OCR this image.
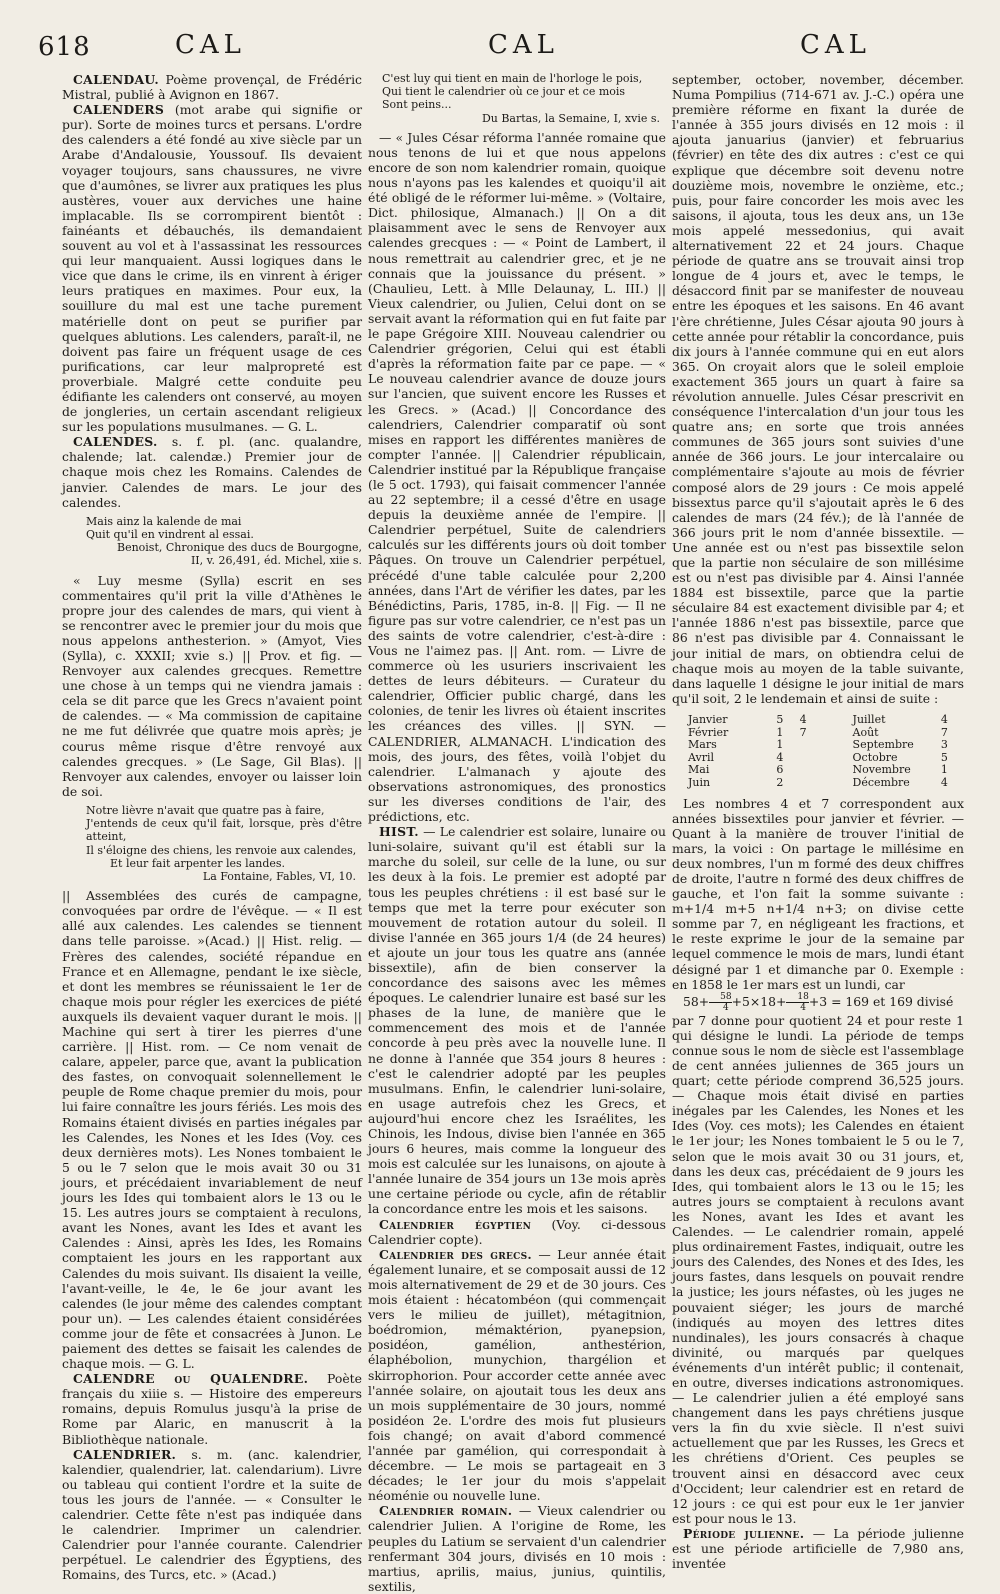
618	CAL	CAL	CAL

CALENDAU. Poème provençal, de Frédéric Mistral, publié à Avignon en 1867.

CALENDERS (mot arabe qui signifie or pur). Sorte de moines turcs et persans. L'ordre des calenders a été fondé au xive siècle par un Arabe d'Andalousie, Youssouf. Ils devaient voyager toujours, sans chaussures, ne vivre que d'aumônes, se livrer aux pratiques les plus austères, vouer aux derviches une haine implacable. Ils se corrompirent bientôt : fainéants et débauchés, ils demandaient souvent au vol et à l'assassinat les ressources qui leur manquaient. Aussi logiques dans le vice que dans le crime, ils en vinrent à ériger leurs pratiques en maximes. Pour eux, la souillure du mal est une tache purement matérielle dont on peut se purifier par quelques ablutions. Les calenders, paraît-il, ne doivent pas faire un fréquent usage de ces purifications, car leur malpropreté est proverbiale. Malgré cette conduite peu édifiante les calenders ont conservé, au moyen de jongleries, un certain ascendant religieux sur les populations musulmanes. — G. L.

CALENDES. s. f. pl. (anc. qualandre, chalende; lat. calendæ.) Premier jour de chaque mois chez les Romains. Calendes de janvier. Calendes de mars. Le jour des calendes.

Mais ainz la kalende de mai
Quit qu'il en vindrent al essai.
Benoist, Chronique des ducs de Bourgogne,
II, v. 26,491, éd. Michel, xiie s.

« Luy mesme (Sylla) escrit en ses commentaires qu'il prit la ville d'Athènes le propre jour des calendes de mars, qui vient à se rencontrer avec le premier jour du mois que nous appelons anthesterion. » (Amyot, Vies (Sylla), c. XXXII; xvie s.) || Prov. et fig. —Renvoyer aux calendes grecques. Remettre une chose à un temps qui ne viendra jamais : cela se dit parce que les Grecs n'avaient point de calendes. — « Ma commission de capitaine ne me fut délivrée que quatre mois après; je courus même risque d'être renvoyé aux calendes grecques. » (Le Sage, Gil Blas). || Renvoyer aux calendes, envoyer ou laisser loin de soi.

Notre lièvre n'avait que quatre pas à faire,
J'entends de ceux qu'il fait, lorsque, près d'être atteint,
Il s'éloigne des chiens, les renvoie aux calendes,
Et leur fait arpenter les landes.
La Fontaine, Fables, VI, 10.

|| Assemblées des curés de campagne, convoquées par ordre de l'évêque. — « Il est allé aux calendes. Les calendes se tiennent dans telle paroisse. »(Acad.) || Hist. relig. — Frères des calendes, société répandue en France et en Allemagne, pendant le ixe siècle, et dont les membres se réunissaient le 1er de chaque mois pour régler les exercices de piété auxquels ils devaient vaquer durant le mois. || Machine qui sert à tirer les pierres d'une carrière. || Hist. rom. — Ce nom venait de calare, appeler, parce que, avant la publication des fastes, on convoquait solennellement le peuple de Rome chaque premier du mois, pour lui faire connaître les jours fériés. Les mois des Romains étaient divisés en parties inégales par les Calendes, les Nones et les Ides (Voy. ces deux dernières mots). Les Nones tombaient le 5 ou le 7 selon que le mois avait 30 ou 31 jours, et précédaient invariablement de neuf jours les Ides qui tombaient alors le 13 ou le 15. Les autres jours se comptaient à reculons, avant les Nones, avant les Ides et avant les Calendes : Ainsi, après les Ides, les Romains comptaient les jours en les rapportant aux Calendes du mois suivant. Ils disaient la veille, l'avant-veille, le 4e, le 6e jour avant les calendes (le jour même des calendes comptant pour un). — Les calendes étaient considérées comme jour de fête et consacrées à Junon. Le paiement des dettes se faisait les calendes de chaque mois. — G. L.

CALENDRE ou QUALENDRE. Poète français du xiiie s. — Histoire des empereurs romains, depuis Romulus jusqu'à la prise de Rome par Alaric, en manuscrit à la Bibliothèque nationale.

CALENDRIER. s. m. (anc. kalendrier, kalendier, qualendrier, lat. calendarium). Livre ou tableau qui contient l'ordre et la suite de tous les jours de l'année. — « Consulter le calendrier. Cette fête n'est pas indiquée dans le calendrier. Imprimer un calendrier. Calendrier pour l'année courante. Calendrier perpétuel. Le calendrier des Égyptiens, des Romains, des Turcs, etc. » (Acad.)

C'est luy qui tient en main de l'horloge le pois,
Qui tient le calendrier où ce jour et ce mois
Sont peins...
Du Bartas, la Semaine, I, xvie s.

— « Jules César réforma l'année romaine que nous tenons de lui et que nous appelons encore de son nom kalendrier romain, quoique nous n'ayons pas les kalendes et quoiqu'il ait été obligé de le réformer lui-même. » (Voltaire, Dict. philosique, Almanach.) || On a dit plaisamment avec le sens de Renvoyer aux calendes grecques : — « Point de Lambert, il nous remettrait au calendrier grec, et je ne connais que la jouissance du présent. » (Chaulieu, Lett. à Mlle Delaunay, L. III.) || Vieux calendrier, ou Julien, Celui dont on se servait avant la réformation qui en fut faite par le pape Grégoire XIII. Nouveau calendrier ou Calendrier grégorien, Celui qui est établi d'après la réformation faite par ce pape. — « Le nouveau calendrier avance de douze jours sur l'ancien, que suivent encore les Russes et les Grecs. » (Acad.) || Concordance des calendriers, Calendrier comparatif où sont mises en rapport les différentes manières de compter l'année. || Calendrier républicain, Calendrier institué par la République française (le 5 oct. 1793), qui faisait commencer l'année au 22 septembre; il a cessé d'être en usage depuis la deuxième année de l'empire. || Calendrier perpétuel, Suite de calendriers calculés sur les différents jours où doit tomber Pâques. On trouve un Calendrier perpétuel, précédé d'une table calculée pour 2,200 années, dans l'Art de vérifier les dates, par les Bénédictins, Paris, 1785, in-8. || Fig. — Il ne figure pas sur votre calendrier, ce n'est pas un des saints de votre calendrier, c'est-à-dire : Vous ne l'aimez pas. || Ant. rom. — Livre de commerce où les usuriers inscrivaient les dettes de leurs débiteurs. — Curateur du calendrier, Officier public chargé, dans les colonies, de tenir les livres où étaient inscrites les créances des villes. || SYN. — CALENDRIER, ALMANACH. L'indication des mois, des jours, des fêtes, voilà l'objet du calendrier. L'almanach y ajoute des observations astronomiques, des pronostics sur les diverses conditions de l'air, des prédictions, etc.

HIST. — Le calendrier est solaire, lunaire ou luni-solaire, suivant qu'il est établi sur la marche du soleil, sur celle de la lune, ou sur les deux à la fois. Le premier est adopté par tous les peuples chrétiens : il est basé sur le temps que met la terre pour exécuter son mouvement de rotation autour du soleil. Il divise l'année en 365 jours 1/4 (de 24 heures) et ajoute un jour tous les quatre ans (année bissextile), afin de bien conserver la concordance des saisons avec les mêmes époques. Le calendrier lunaire est basé sur les phases de la lune, de manière que le commencement des mois et de l'année concorde à peu près avec la nouvelle lune. Il ne donne à l'année que 354 jours 8 heures : c'est le calendrier adopté par les peuples musulmans. Enfin, le calendrier luni-solaire, en usage autrefois chez les Grecs, et aujourd'hui encore chez les Israélites, les Chinois, les Indous, divise bien l'année en 365 jours 6 heures, mais comme la longueur des mois est calculée sur les lunaisons, on ajoute à l'année lunaire de 354 jours un 13e mois après une certaine période ou cycle, afin de rétablir la concordance entre les mois et les saisons.

Calendrier égyptien (Voy. ci-dessous Calendrier copte).

Calendrier des grecs. — Leur année était également lunaire, et se composait aussi de 12 mois alternativement de 29 et de 30 jours. Ces mois étaient : hécatombéon (qui commençait vers le milieu de juillet), métagitnion, boédromion, mémaktérion, pyanepsion, posidéon, gamélion, anthestérion, élaphébolion, munychion, thargélion et skirrophorion. Pour accorder cette année avec l'année solaire, on ajoutait tous les deux ans un mois supplémentaire de 30 jours, nommé posidéon 2e. L'ordre des mois fut plusieurs fois changé; on avait d'abord commencé l'année par gamélion, qui correspondait à décembre. — Le mois se partageait en 3 décades; le 1er jour du mois s'appelait néoménie ou nouvelle lune.

Calendrier romain. — Vieux calendrier ou calendrier Julien. A l'origine de Rome, les peuples du Latium se servaient d'un calendrier renfermant 304 jours, divisés en 10 mois : martius, aprilis, maius, junius, quintilis, sextilis,

september, october, november, décember. Numa Pompilius (714-671 av. J.-C.) opéra une première réforme en fixant la durée de l'année à 355 jours divisés en 12 mois : il ajouta januarius (janvier) et februarius (février) en tête des dix autres : c'est ce qui explique que décembre soit devenu notre douzième mois, novembre le onzième, etc.; puis, pour faire concorder les mois avec les saisons, il ajouta, tous les deux ans, un 13e mois appelé messedonius, qui avait alternativement 22 et 24 jours. Chaque période de quatre ans se trouvait ainsi trop longue de 4 jours et, avec le temps, le désaccord finit par se manifester de nouveau entre les époques et les saisons. En 46 avant l'ère chrétienne, Jules César ajouta 90 jours à cette année pour rétablir la concordance, puis dix jours à l'année commune qui en eut alors 365. On croyait alors que le soleil emploie exactement 365 jours un quart à faire sa révolution annuelle. Jules César prescrivit en conséquence l'intercalation d'un jour tous les quatre ans; en sorte que trois années communes de 365 jours sont suivies d'une année de 366 jours. Le jour intercalaire ou complémentaire s'ajoute au mois de février composé alors de 29 jours : Ce mois appelé bissextus parce qu'il s'ajoutait après le 6 des calendes de mars (24 fév.); de là l'année de 366 jours prit le nom d'année bissextile. — Une année est ou n'est pas bissextile selon que la partie non séculaire de son millésime est ou n'est pas divisible par 4. Ainsi l'année 1884 est bissextile, parce que la partie séculaire 84 est exactement divisible par 4; et l'année 1886 n'est pas bissextile, parce que 86 n'est pas divisible par 4. Connaissant le jour initial de mars, on obtiendra celui de chaque mois au moyen de la table suivante, dans laquelle 1 désigne le jour initial de mars qu'il soit, 2 le lendemain et ainsi de suite :

Janvier	5	4		Juillet	4
Février	1	7		Août	7
Mars	1			Septembre	3
Avril	4			Octobre	5
Mai	6			Novembre	1
Juin	2			Décembre	4

Les nombres 4 et 7 correspondent aux années bissextiles pour janvier et février. — Quant à la manière de trouver l'initial de mars, la voici : On partage le millésime en deux nombres, l'un m formé des deux chiffres de droite, l'autre n formé des deux chiffres de gauche, et l'on fait la somme suivante : m+1/4 m+5 n+1/4 n+3; on divise cette somme par 7, en négligeant les fractions, et le reste exprime le jour de la semaine par lequel commence le mois de mars, lundi étant désigné par 1 et dimanche par 0. Exemple : en 1858 le 1er mars est un lundi, car

$58+ \frac{58}{4} +5\times 18+ \frac{18}{4} +3 = 169$ et 169 divisé

par 7 donne pour quotient 24 et pour reste 1 qui désigne le lundi. La période de temps connue sous le nom de siècle est l'assemblage de cent années juliennes de 365 jours un quart; cette période comprend 36,525 jours. — Chaque mois était divisé en parties inégales par les Calendes, les Nones et les Ides (Voy. ces mots); les Calendes en étaient le 1er jour; les Nones tombaient le 5 ou le 7, selon que le mois avait 30 ou 31 jours, et, dans les deux cas, précédaient de 9 jours les Ides, qui tombaient alors le 13 ou le 15; les autres jours se comptaient à reculons avant les Nones, avant les Ides et avant les Calendes. — Le calendrier romain, appelé plus ordinairement Fastes, indiquait, outre les jours des Calendes, des Nones et des Ides, les jours fastes, dans lesquels on pouvait rendre la justice; les jours néfastes, où les juges ne pouvaient siéger; les jours de marché (indiqués au moyen des lettres dites nundinales), les jours consacrés à chaque divinité, ou marqués par quelques événements d'un intérêt public; il contenait, en outre, diverses indications astronomiques. — Le calendrier julien a été employé sans changement dans les pays chrétiens jusque vers la fin du xvie siècle. Il n'est suivi actuellement que par les Russes, les Grecs et les chrétiens d'Orient. Ces peuples se trouvent ainsi en désaccord avec ceux d'Occident; leur calendrier est en retard de 12 jours : ce qui est pour eux le 1er janvier est pour nous le 13.

Période julienne. — La période julienne est une période artificielle de 7,980 ans, inventée
